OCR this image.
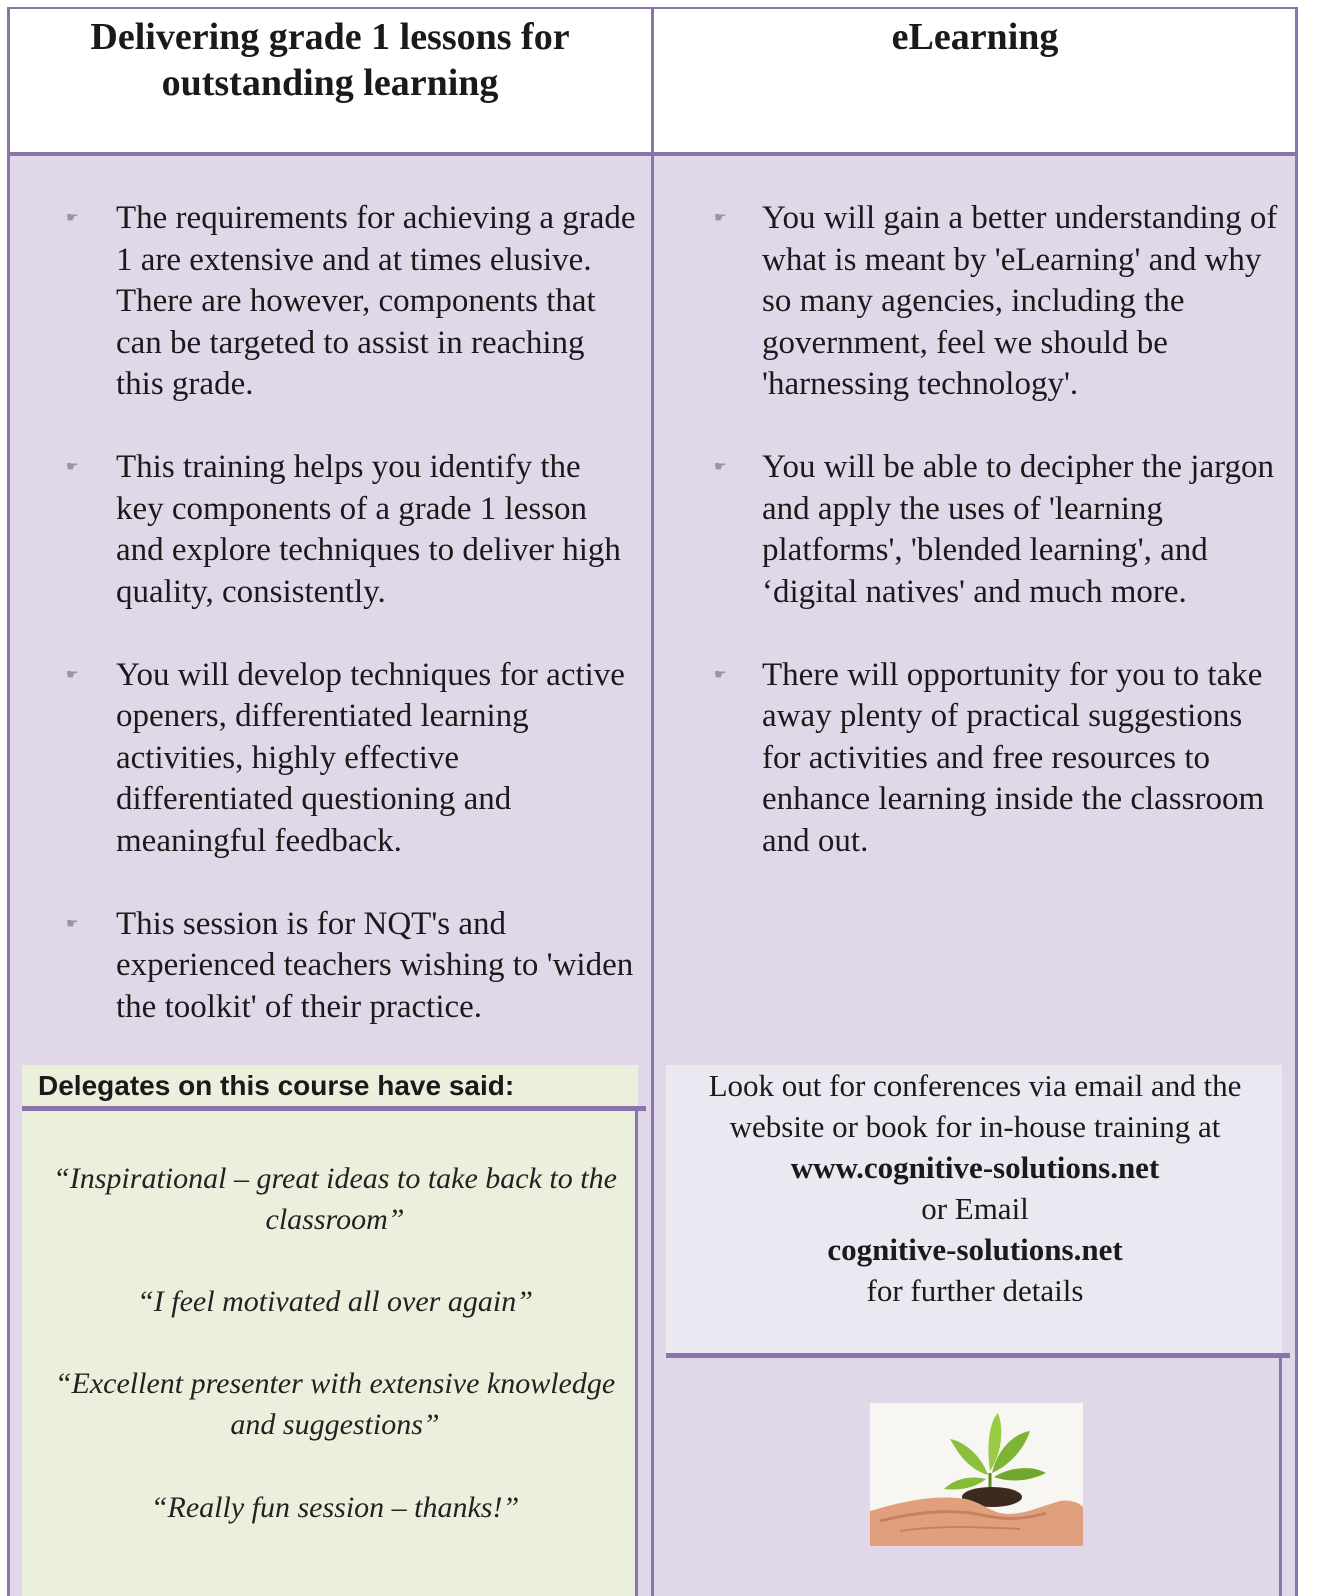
Delivering grade 1 lessons for outstanding learning
eLearning
☛ The requirements for achieving a grade 1 are extensive and at times elusive. There are however, components that can be targeted to assist in reaching this grade.
☛ This training helps you identify the key components of a grade 1 lesson and explore techniques to deliver high quality, consistently.
☛ You will develop techniques for active openers, differentiated learning activities, highly effective differentiated questioning and meaningful feedback.
☛ This session is for NQT's and experienced teachers wishing to 'widen the toolkit' of their practice.
☛ You will gain a better understanding of what is meant by 'eLearning' and why so many agencies, including the government, feel we should be 'harnessing technology'.
☛ You will be able to decipher the jargon and apply the uses of 'learning platforms', 'blended learning', and ‘digital natives' and much more.
☛ There will opportunity for you to take away plenty of practical suggestions for activities and free resources to enhance learning inside the classroom and out.
Delegates on this course have said:
“Inspirational – great ideas to take back to the classroom”
“I feel motivated all over again”
“Excellent presenter with extensive knowledge and suggestions”
“Really fun session – thanks!”
Look out for conferences via email and the website or book for in-house training at
www.cognitive-solutions.net
or Email
cognitive-solutions.net
for further details
